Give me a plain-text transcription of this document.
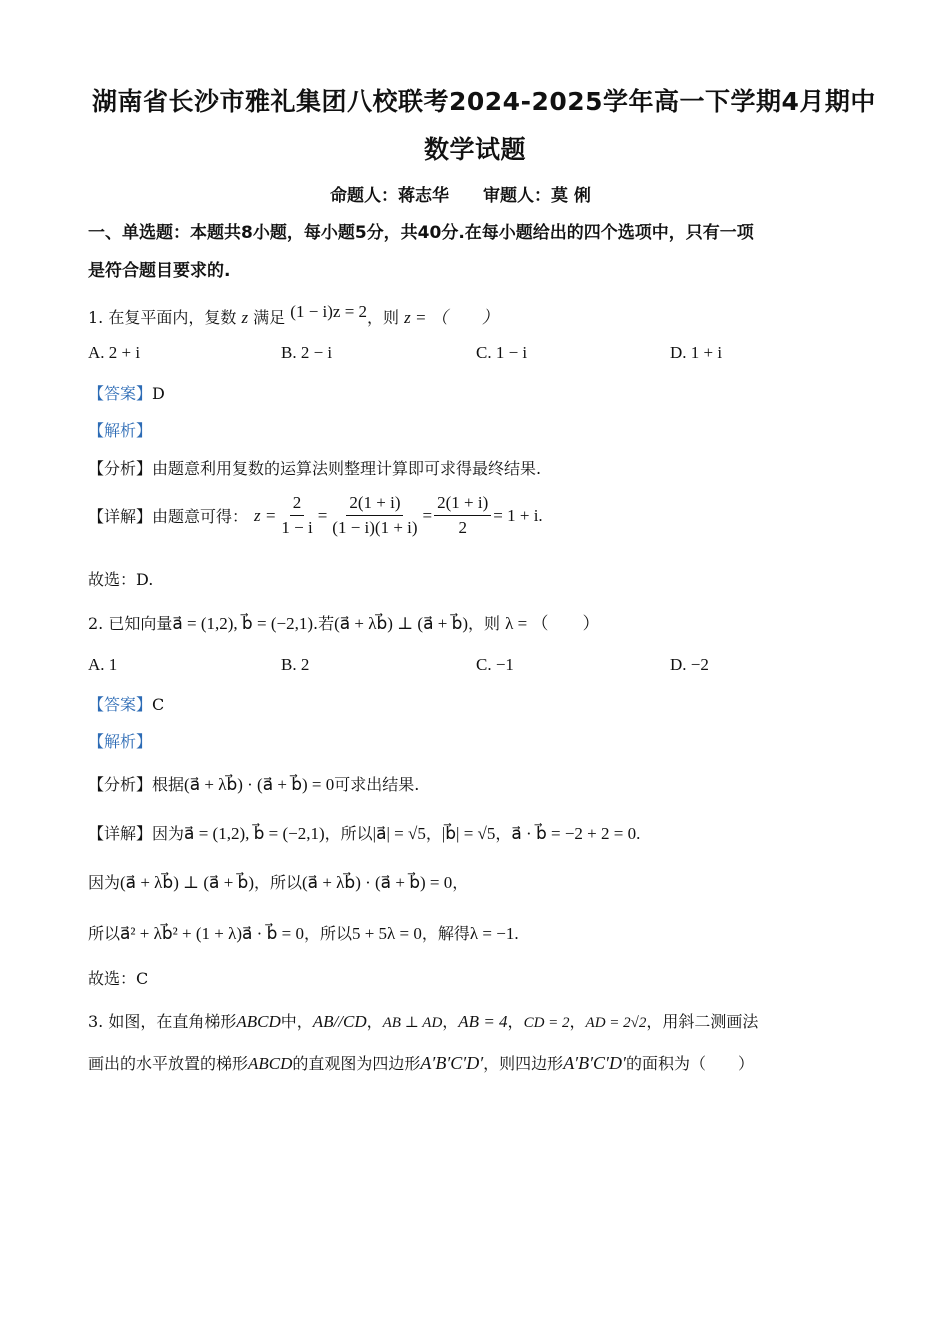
湖南省长沙市雅礼集团八校联考2024-2025学年高一下学期4月期中
数学试题
命题人：蒋志华　　审题人：莫 俐
一、单选题：本题共8小题，每小题5分，共40分.在每小题给出的四个选项中，只有一项
是符合题目要求的.
1. 在复平面内，复数 z 满足 (1 − i)z = 2，则 z = （　　）
A. 2 + i	B. 2 − i	C. 1 − i	D. 1 + i
【答案】D
【解析】
【分析】由题意利用复数的运算法则整理计算即可求得最终结果.
【详解】 由题意可得： $z = \frac{2}{1 - i} = \frac{2(1 + i)}{(1 - i)(1 + i)} = \frac{2(1 + i)}{2} = 1 + i$.
故选：D.
2. 已知向量a⃗ = (1,2), b⃗ = (−2,1).若(a⃗ + λb⃗) ⊥ (a⃗ + b⃗)，则 λ = （　　）
A. 1	B. 2	C. −1	D. −2
【答案】C
【解析】
【分析】根据(a⃗ + λb⃗) · (a⃗ + b⃗) = 0可求出结果.
【详解】因为a⃗ = (1,2), b⃗ = (−2,1)，所以|a⃗| = √5，|b⃗| = √5，a⃗ · b⃗ = −2 + 2 = 0.
因为(a⃗ + λb⃗) ⊥ (a⃗ + b⃗)，所以(a⃗ + λb⃗) · (a⃗ + b⃗) = 0，
所以a⃗² + λb⃗² + (1 + λ)a⃗ · b⃗ = 0，所以5 + 5λ = 0，解得λ = −1.
故选：C
3. 如图，在直角梯形ABCD中，AB//CD，AB ⊥ AD，AB = 4，CD = 2，AD = 2√2，用斜二测画法
画出的水平放置的梯形ABCD的直观图为四边形A′B′C′D′，则四边形A′B′C′D′的面积为（　　）
